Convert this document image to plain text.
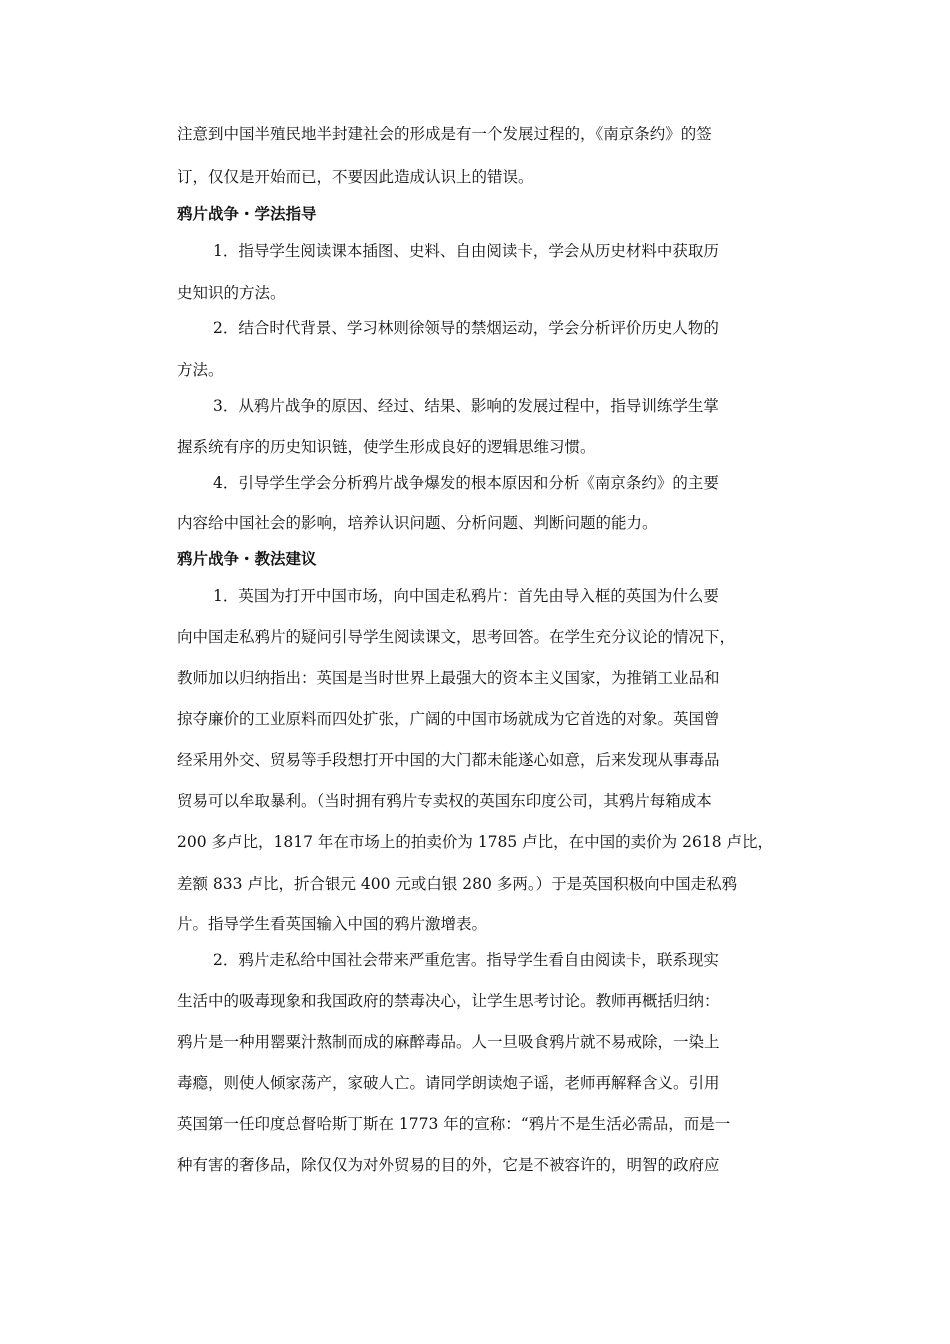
注意到中国半殖民地半封建社会的形成是有一个发展过程的，《南京条约》的签
订，仅仅是开始而已，不要因此造成认识上的错误。
鸦片战争・学法指导
1．指导学生阅读课本插图、史料、自由阅读卡，学会从历史材料中获取历
史知识的方法。
2．结合时代背景、学习林则徐领导的禁烟运动，学会分析评价历史人物的
方法。
3．从鸦片战争的原因、经过、结果、影响的发展过程中，指导训练学生掌
握系统有序的历史知识链，使学生形成良好的逻辑思维习惯。
4．引导学生学会分析鸦片战争爆发的根本原因和分析《南京条约》的主要
内容给中国社会的影响，培养认识问题、分析问题、判断问题的能力。
鸦片战争・教法建议
1．英国为打开中国市场，向中国走私鸦片：首先由导入框的英国为什么要
向中国走私鸦片的疑问引导学生阅读课文，思考回答。在学生充分议论的情况下，
教师加以归纳指出：英国是当时世界上最强大的资本主义国家，为推销工业品和
掠夺廉价的工业原料而四处扩张，广阔的中国市场就成为它首选的对象。英国曾
经采用外交、贸易等手段想打开中国的大门都未能遂心如意，后来发现从事毒品
贸易可以牟取暴利。（当时拥有鸦片专卖权的英国东印度公司，其鸦片每箱成本
200 多卢比，1817 年在市场上的拍卖价为 1785 卢比，在中国的卖价为 2618 卢比，
差额 833 卢比，折合银元 400 元或白银 280 多两。）于是英国积极向中国走私鸦
片。指导学生看英国输入中国的鸦片激增表。
2．鸦片走私给中国社会带来严重危害。指导学生看自由阅读卡，联系现实
生活中的吸毒现象和我国政府的禁毒决心，让学生思考讨论。教师再概括归纳：
鸦片是一种用罂粟汁熬制而成的麻醉毒品。人一旦吸食鸦片就不易戒除，一染上
毒瘾，则使人倾家荡产，家破人亡。请同学朗读炮子谣，老师再解释含义。引用
英国第一任印度总督哈斯丁斯在 1773 年的宣称：“鸦片不是生活必需品，而是一
种有害的奢侈品，除仅仅为对外贸易的目的外，它是不被容许的，明智的政府应
